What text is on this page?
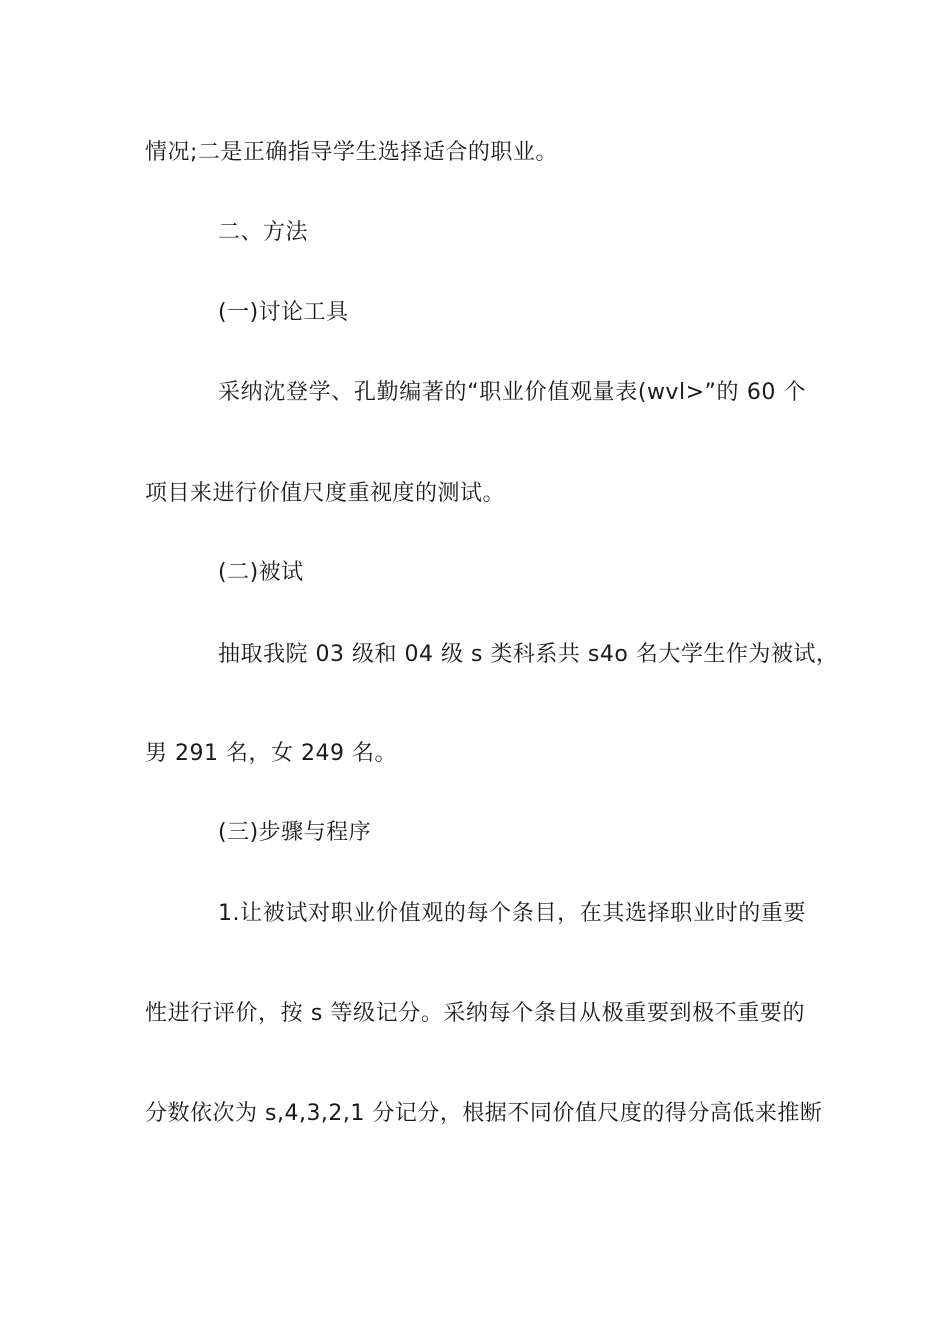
情况;二是正确指导学生选择适合的职业。
二、方法
(一)讨论工具
采纳沈登学、孔勤编著的“职业价值观量表(wvl>”的 60 个
项目来进行价值尺度重视度的测试。
(二)被试
抽取我院 03 级和 04 级 s 类科系共 s4o 名大学生作为被试，
男 291 名，女 249 名。
(三)步骤与程序
1.让被试对职业价值观的每个条目，在其选择职业时的重要
性进行评价，按 s 等级记分。采纳每个条目从极重要到极不重要的
分数依次为 s,4,3,2,1 分记分，根据不同价值尺度的得分高低来推断
